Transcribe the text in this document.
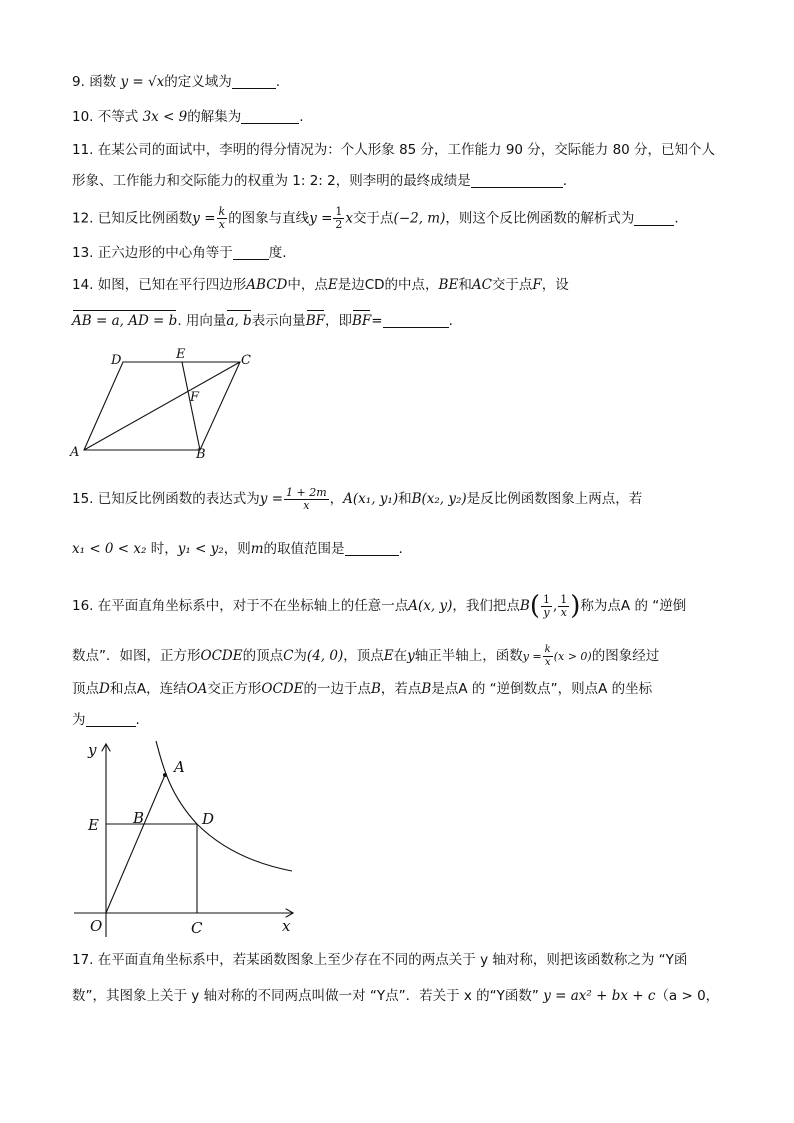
9. 函数 y = √x的定义域为	.
10. 不等式 3x < 9的解集为	.
11. 在某公司的面试中，李明的得分情况为：个人形象 85 分，工作能力 90 分，交际能力 80 分，已知个人
形象、工作能力和交际能力的权重为 1: 2: 2，则李明的最终成绩是	.
12. 已知反比例函数$y = \frac{k}{x}$ 的图象与直线$y = \frac{1}{2}$ x交于点(−2, m)，则这个反比例函数的解析式为	.
13. 正六边形的中心角等于	度.
14. 如图，已知在平行四边形ABCD中，点E是边CD的中点，BE和AC交于点F，设
AB = a, AD = b. 用向量a, b表示向量BF，即BF=	.
A	B
C
D	E
F
15. 已知反比例函数的表达式为$y = \frac{1 + 2m}{x}$ ，A(x₁, y₁)和B(x₂, y₂)是反比例函数图象上两点，若
x₁ < 0 < x₂ 时，y₁ < y₂，则m的取值范围是	.
16. 在平面直角坐标系中，对于不在坐标轴上的任意一点A(x, y)，我们把点$B( \frac{1}{y}$ , $\frac{1}{x}$ )称为点A 的 “逆倒
数点”．如图，正方形OCDE的顶点C为(4, 0)，顶点E在y轴正半轴上，函数$y = \frac{k}{x} (x > 0)$的图象经过
顶点D和点A，连结OA交正方形OCDE的一边于点B，若点B是点A 的 “逆倒数点”，则点A 的坐标
为	.
y
x
O
A
B
C
D
E
17. 在平面直角坐标系中，若某函数图象上至少存在不同的两点关于 y 轴对称，则把该函数称之为 “Y函
数”，其图象上关于 y 轴对称的不同两点叫做一对 “Y点”．若关于 x 的“Y函数” y = ax² + bx + c（a > 0，
